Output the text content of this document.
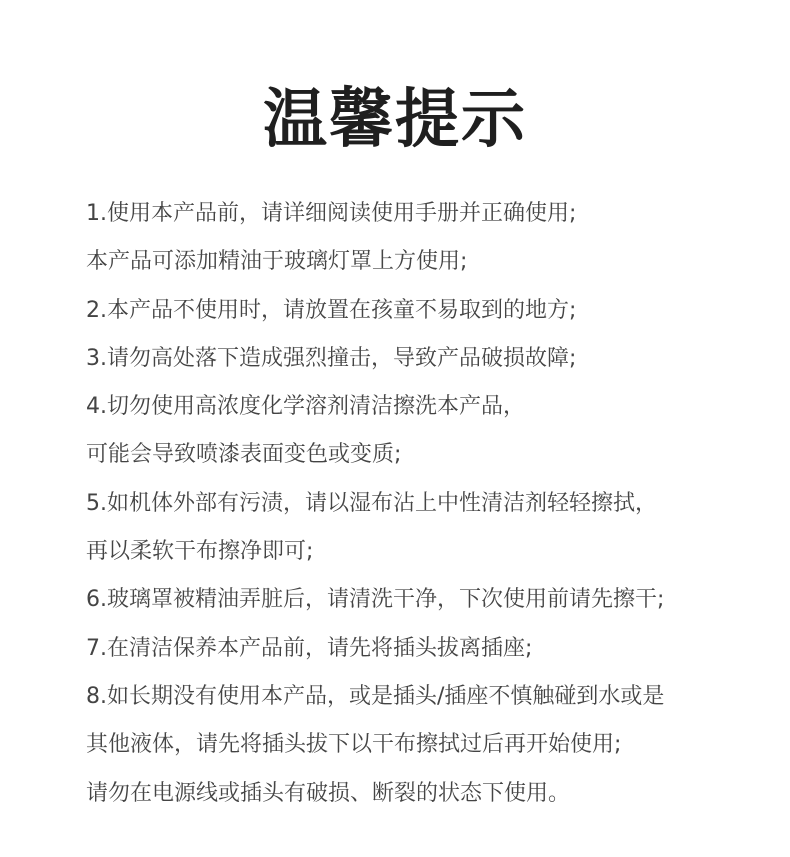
温馨提示
1.使用本产品前，请详细阅读使用手册并正确使用;
本产品可添加精油于玻璃灯罩上方使用;
2.本产品不使用时，请放置在孩童不易取到的地方;
3.请勿高处落下造成强烈撞击，导致产品破损故障;
4.切勿使用高浓度化学溶剂清洁擦洗本产品，
可能会导致喷漆表面变色或变质;
5.如机体外部有污渍，请以湿布沾上中性清洁剂轻轻擦拭，
再以柔软干布擦净即可;
6.玻璃罩被精油弄脏后，请清洗干净，下次使用前请先擦干;
7.在清洁保养本产品前，请先将插头拔离插座;
8.如长期没有使用本产品，或是插头/插座不慎触碰到水或是
其他液体，请先将插头拔下以干布擦拭过后再开始使用;
请勿在电源线或插头有破损、断裂的状态下使用。
